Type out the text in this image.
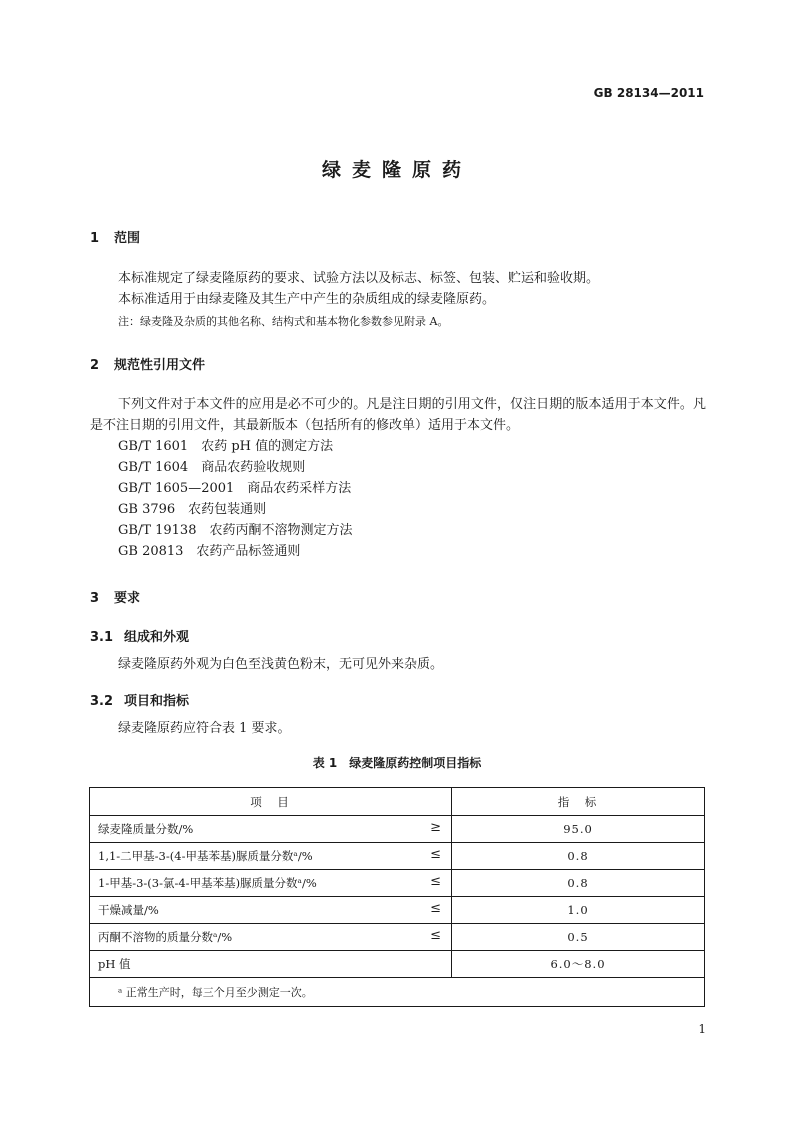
GB 28134—2011
绿麦隆原药
1 范围
本标准规定了绿麦隆原药的要求、试验方法以及标志、标签、包装、贮运和验收期。
本标准适用于由绿麦隆及其生产中产生的杂质组成的绿麦隆原药。
注：绿麦隆及杂质的其他名称、结构式和基本物化参数参见附录 A。
2 规范性引用文件
下列文件对于本文件的应用是必不可少的。凡是注日期的引用文件，仅注日期的版本适用于本文件。凡是不注日期的引用文件，其最新版本（包括所有的修改单）适用于本文件。
GB/T 1601　农药 pH 值的测定方法
GB/T 1604　商品农药验收规则
GB/T 1605—2001　商品农药采样方法
GB 3796　农药包装通则
GB/T 19138　农药丙酮不溶物测定方法
GB 20813　农药产品标签通则
3 要求
3.1 组成和外观
绿麦隆原药外观为白色至浅黄色粉末，无可见外来杂质。
3.2 项目和指标
绿麦隆原药应符合表 1 要求。
表 1　绿麦隆原药控制项目指标
项　目	指　标
绿麦隆质量分数/% ≥	95.0
1,1-二甲基-3-(4-甲基苯基)脲质量分数ᵃ/% ≤	0.8
1-甲基-3-(3-氯-4-甲基苯基)脲质量分数ᵃ/% ≤	0.8
干燥减量/% ≤	1.0
丙酮不溶物的质量分数ᵃ/% ≤	0.5
pH 值	6.0～8.0
ᵃ 正常生产时，每三个月至少测定一次。	
1
